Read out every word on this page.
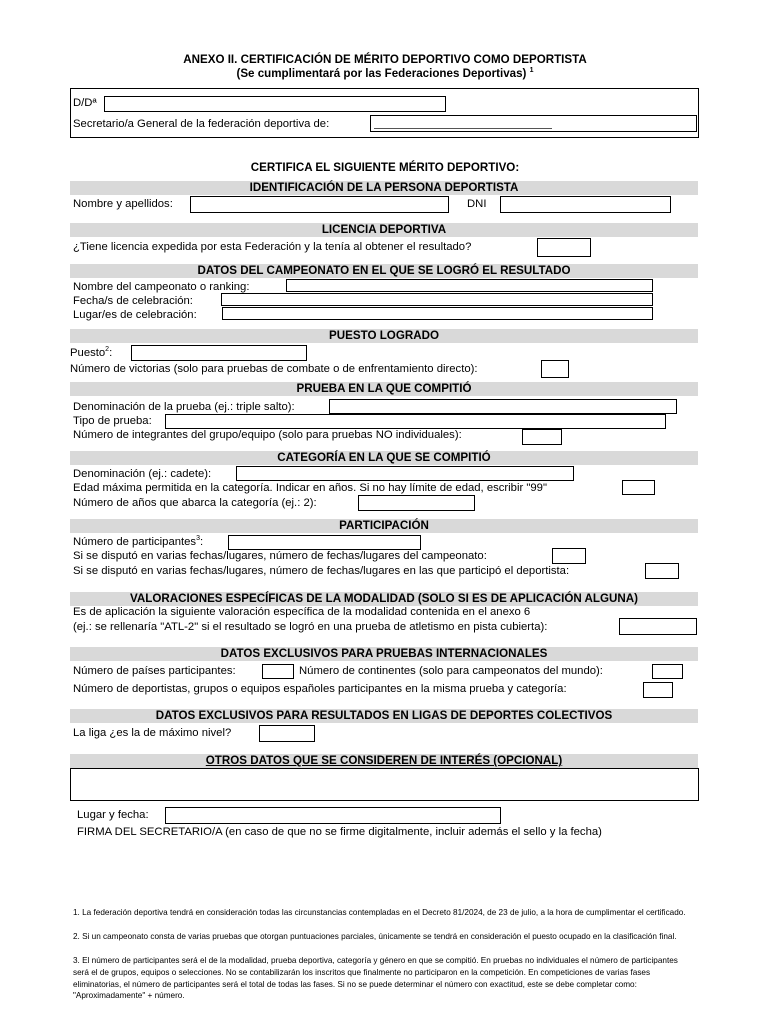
ANEXO II. CERTIFICACIÓN DE MÉRITO DEPORTIVO COMO DEPORTISTA
(Se cumplimentará por las Federaciones Deportivas) $^1$
D/Dª
Secretario/a General de la federación deportiva de:
CERTIFICA EL SIGUIENTE MÉRITO DEPORTIVO:
IDENTIFICACIÓN DE LA PERSONA DEPORTISTA
Nombre y apellidos:	DNI
LICENCIA DEPORTIVA
¿Tiene licencia expedida por esta Federación y la tenía al obtener el resultado?
DATOS DEL CAMPEONATO EN EL QUE SE LOGRÓ EL RESULTADO
Nombre del campeonato o ranking:
Fecha/s de celebración:
Lugar/es de celebración:
PUESTO LOGRADO
Puesto$^2$:
Número de victorias (solo para pruebas de combate o de enfrentamiento directo):
PRUEBA EN LA QUE COMPITIÓ
Denominación de la prueba (ej.: triple salto):
Tipo de prueba:
Número de integrantes del grupo/equipo (solo para pruebas NO individuales):
CATEGORÍA EN LA QUE SE COMPITIÓ
Denominación (ej.: cadete):
Edad máxima permitida en la categoría. Indicar en años. Si no hay límite de edad, escribir "99"
Número de años que abarca la categoría (ej.: 2):
PARTICIPACIÓN
Número de participantes$^3$:
Si se disputó en varias fechas/lugares, número de fechas/lugares del campeonato:
Si se disputó en varias fechas/lugares, número de fechas/lugares en las que participó el deportista:
VALORACIONES ESPECÍFICAS DE LA MODALIDAD (SOLO SI ES DE APLICACIÓN ALGUNA)
Es de aplicación la siguiente valoración específica de la modalidad contenida en el anexo 6
(ej.: se rellenaría "ATL-2" si el resultado se logró en una prueba de atletismo en pista cubierta):
DATOS EXCLUSIVOS PARA PRUEBAS INTERNACIONALES
Número de países participantes:	Número de continentes (solo para campeonatos del mundo):
Número de deportistas, grupos o equipos españoles participantes en la misma prueba y categoría:
DATOS EXCLUSIVOS PARA RESULTADOS EN LIGAS DE DEPORTES COLECTIVOS
La liga ¿es la de máximo nivel?
OTROS DATOS QUE SE CONSIDEREN DE INTERÉS (OPCIONAL)
Lugar y fecha:
FIRMA DEL SECRETARIO/A (en caso de que no se firme digitalmente, incluir además el sello y la fecha)
1. La federación deportiva tendrá en consideración todas las circunstancias contempladas en el Decreto 81/2024, de 23 de julio, a la hora de cumplimentar el certificado.
2. Si un campeonato consta de varias pruebas que otorgan puntuaciones parciales, únicamente se tendrá en consideración el puesto ocupado en la clasificación final.
3. El número de participantes será el de la modalidad, prueba deportiva, categoría y género en que se compitió. En pruebas no individuales el número de participantes será el de grupos, equipos o selecciones. No se contabilizarán los inscritos que finalmente no participaron en la competición. En competiciones de varias fases eliminatorias, el número de participantes será el total de todas las fases. Si no se puede determinar el número con exactitud, este se debe completar como: "Aproximadamente" + número.
